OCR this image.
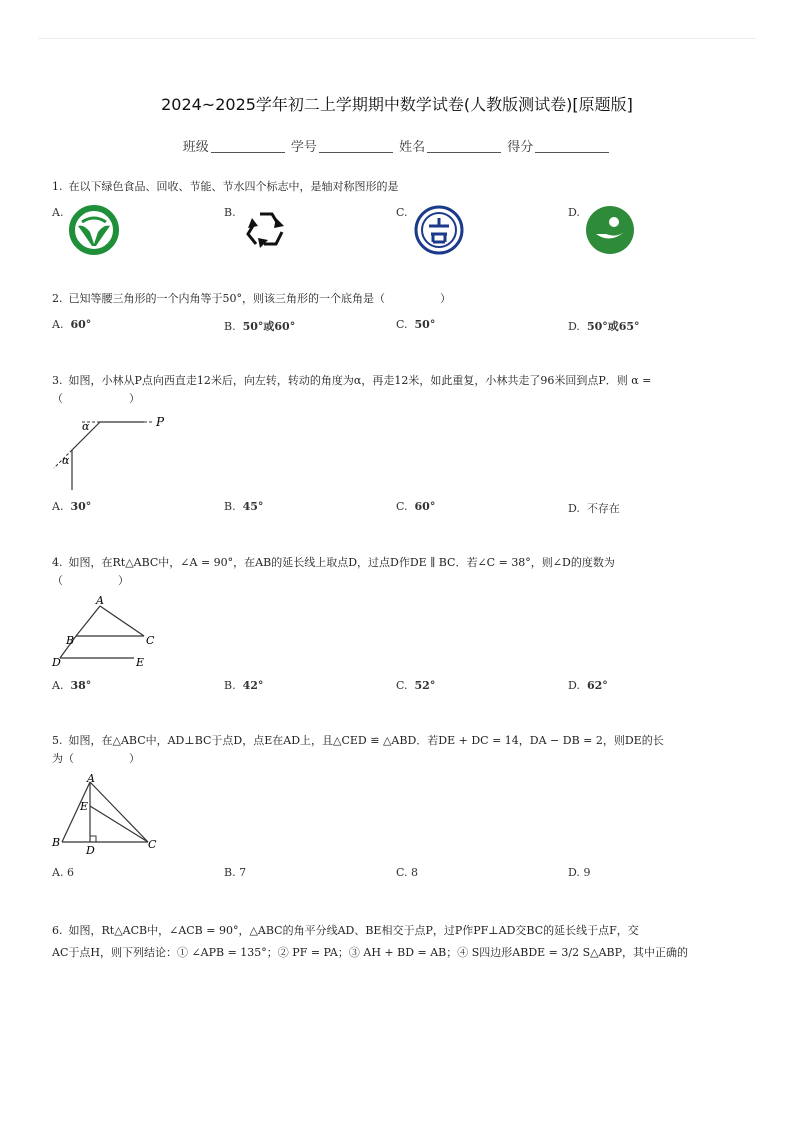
2024~2025学年初二上学期期中数学试卷(人教版测试卷)[原题版]
班级	学号	姓名	得分
1. 在以下绿色食品、回收、节能、节水四个标志中，是轴对称图形的是
A.	B.	C.	D.
2. 已知等腰三角形的一个内角等于50°，则该三角形的一个底角是（　　　　　）
A. 60°	B. 50°或60°	C. 50°	D. 50°或65°
3. 如图，小林从P点向西直走12米后，向左转，转动的角度为α，再走12米，如此重复，小林共走了96米回到点P．则 α =
（　　　　　　）
α
α
P
A. 30°	B. 45°	C. 60°	D. 不存在
4. 如图，在Rt△ABC中，∠A = 90°，在AB的延长线上取点D，过点D作DE ∥ BC．若∠C = 38°，则∠D的度数为
（　　　　　）
A
B	C
D	E
A. 38°	B. 42°	C. 52°	D. 62°
5. 如图，在△ABC中，AD⊥BC于点D，点E在AD上，且△CED ≌ △ABD．若DE + DC = 14，DA − DB = 2，则DE的长
为（　　　　　）
A
B	C
D
E
A. 6	B. 7	C. 8	D. 9
6. 如图，Rt△ACB中，∠ACB = 90°，△ABC的角平分线AD、BE相交于点P，过P作PF⊥AD交BC的延长线于点F，交
AC于点H，则下列结论：① ∠APB = 135°；② PF = PA；③ AH + BD = AB；④ S四边形ABDE = 3/2 S△ABP，其中正确的
